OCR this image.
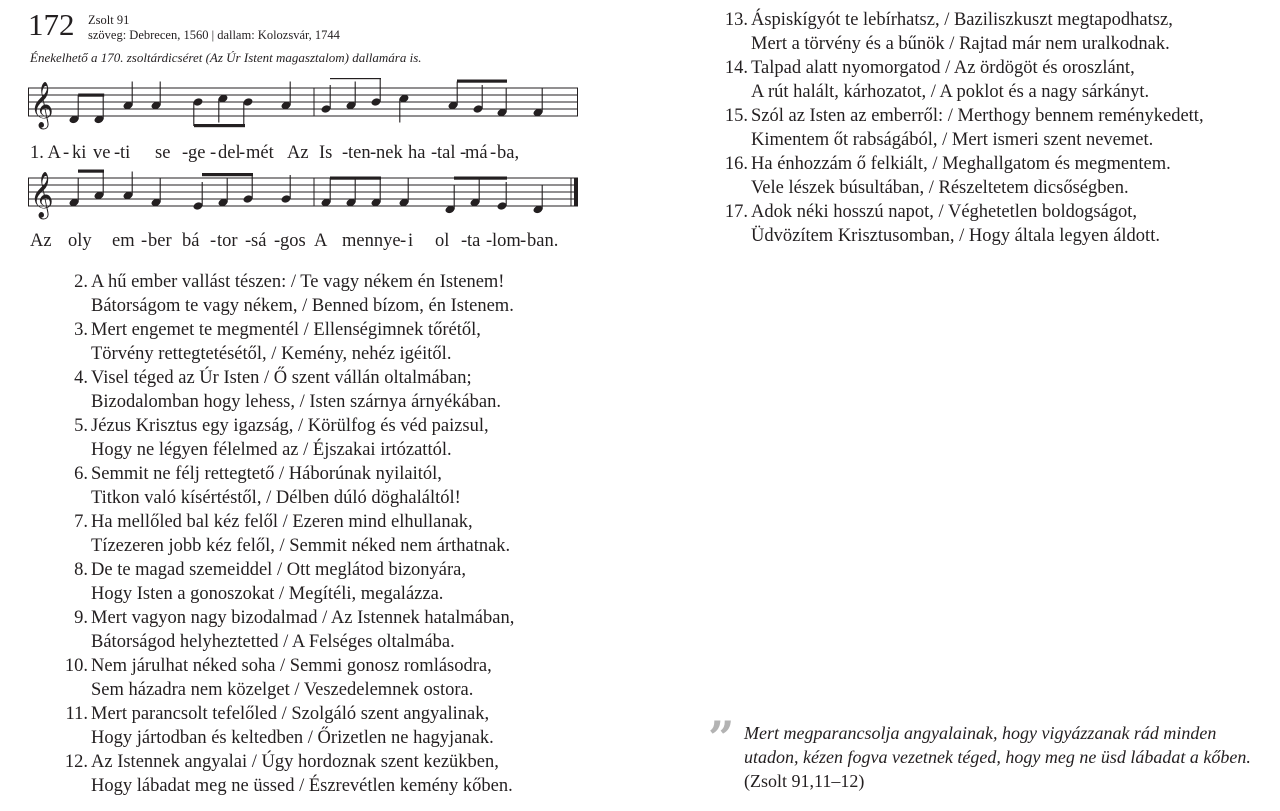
172 Zsolt 91
szöveg: Debrecen, 1560 | dallam: Kolozsvár, 1744
Énekelhető a 170. zsoltárdicséret (Az Úr Istent magasztalom) dallamára is.
𝄞
1. A - ki ve - ti se - ge - del
- mét Az Is - ten - nek ha - tal -
má - ba,
𝄞
Az oly em - ber bá - tor - sá - gos A mennye - i ol - ta - lom - ban.
2. A hű ember vallást tészen: / Te vagy nékem én Istenem!
Bátorságom te vagy nékem, / Benned bízom, én Istenem.
3. Mert engemet te megmentél / Ellenségimnek tőrétől,
Törvény rettegtetésétől, / Kemény, nehéz igéitől.
4. Visel téged az Úr Isten / Ő szent vállán oltalmában;
Bizodalomban hogy lehess, / Isten szárnya árnyékában.
5. Jézus Krisztus egy igazság, / Körülfog és véd paizsul,
Hogy ne légyen félelmed az / Éjszakai irtózattól.
6. Semmit ne félj rettegtető / Háborúnak nyilaitól,
Titkon való kísértéstől, / Délben dúló döghaláltól!
7. Ha mellőled bal kéz felől / Ezeren mind elhullanak,
Tízezeren jobb kéz felől, / Semmit néked nem árthatnak.
8. De te magad szemeiddel / Ott meglátod bizonyára,
Hogy Isten a gonoszokat / Megítéli, megalázza.
9. Mert vagyon nagy bizodalmad / Az Istennek hatalmában,
Bátorságod helyheztetted / A Felséges oltalmába.
10. Nem járulhat néked soha / Semmi gonosz romlásodra,
Sem házadra nem közelget / Veszedelemnek ostora.
11. Mert parancsolt tefelőled / Szolgáló szent angyalinak,
Hogy jártodban és keltedben / Őrizetlen ne hagyjanak.
12. Az Istennek angyalai / Úgy hordoznak szent kezükben,
Hogy lábadat meg ne üssed / Észrevétlen kemény kőben.
13. Áspiskígyót te lebírhatsz, / Baziliszkuszt megtapodhatsz,
Mert a törvény és a bűnök / Rajtad már nem uralkodnak.
14. Talpad alatt nyomorgatod / Az ördögöt és oroszlánt,
A rút halált, kárhozatot, / A poklot és a nagy sárkányt.
15. Szól az Isten az emberről: / Merthogy bennem reménykedett,
Kimentem őt rabságából, / Mert ismeri szent nevemet.
16. Ha énhozzám ő felkiált, / Meghallgatom és megmentem.
Vele lészek búsultában, / Részeltetem dicsőségben.
17. Adok néki hosszú napot, / Véghetetlen boldogságot,
Üdvözítem Krisztusomban, / Hogy általa legyen áldott.
” Mert megparancsolja angyalainak, hogy vigyázzanak rád minden utadon, kézen fogva vezetnek téged, hogy meg ne üsd lábadat a kőben. (Zsolt 91,11–12)
